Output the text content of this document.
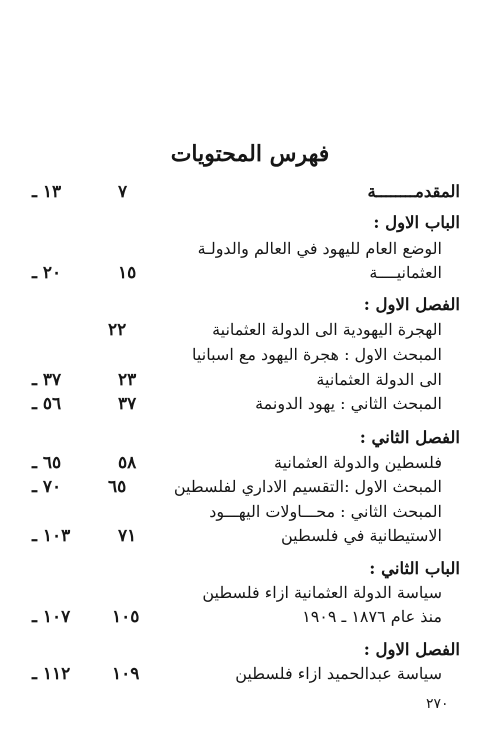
فهرس المحتويات
المقدمــــــــة
٧
١٣ ـ
الباب الاول :
الوضع العام لليهود في العالم والدولـة
العثمانيــــة
١٥
٢٠ ـ
الفصل الاول :
الهجرة اليهودية الى الدولة العثمانية
٢٢
المبحث الاول : هجرة اليهود مع اسبانيا
الى الدولة العثمانية
٢٣
٣٧ ـ
المبحث الثاني : يهود الدونمة
٣٧
٥٦ ـ
الفصل الثاني :
فلسطين والدولة العثمانية
٥٨
٦٥ ـ
المبحث الاول :التقسيم الاداري لفلسطين
٦٥
٧٠ ـ
المبحث الثاني : محـــاولات اليهـــود
الاستيطانية في فلسطين
٧١
١٠٣ ـ
الباب الثاني :
سياسة الدولة العثمانية ازاء فلسطين
منذ عام ١٨٧٦ ـ ١٩٠٩
١٠٥
١٠٧ ـ
الفصل الاول :
سياسة عبدالحميد ازاء فلسطين
١٠٩
١١٢ ـ
٢٧٠
